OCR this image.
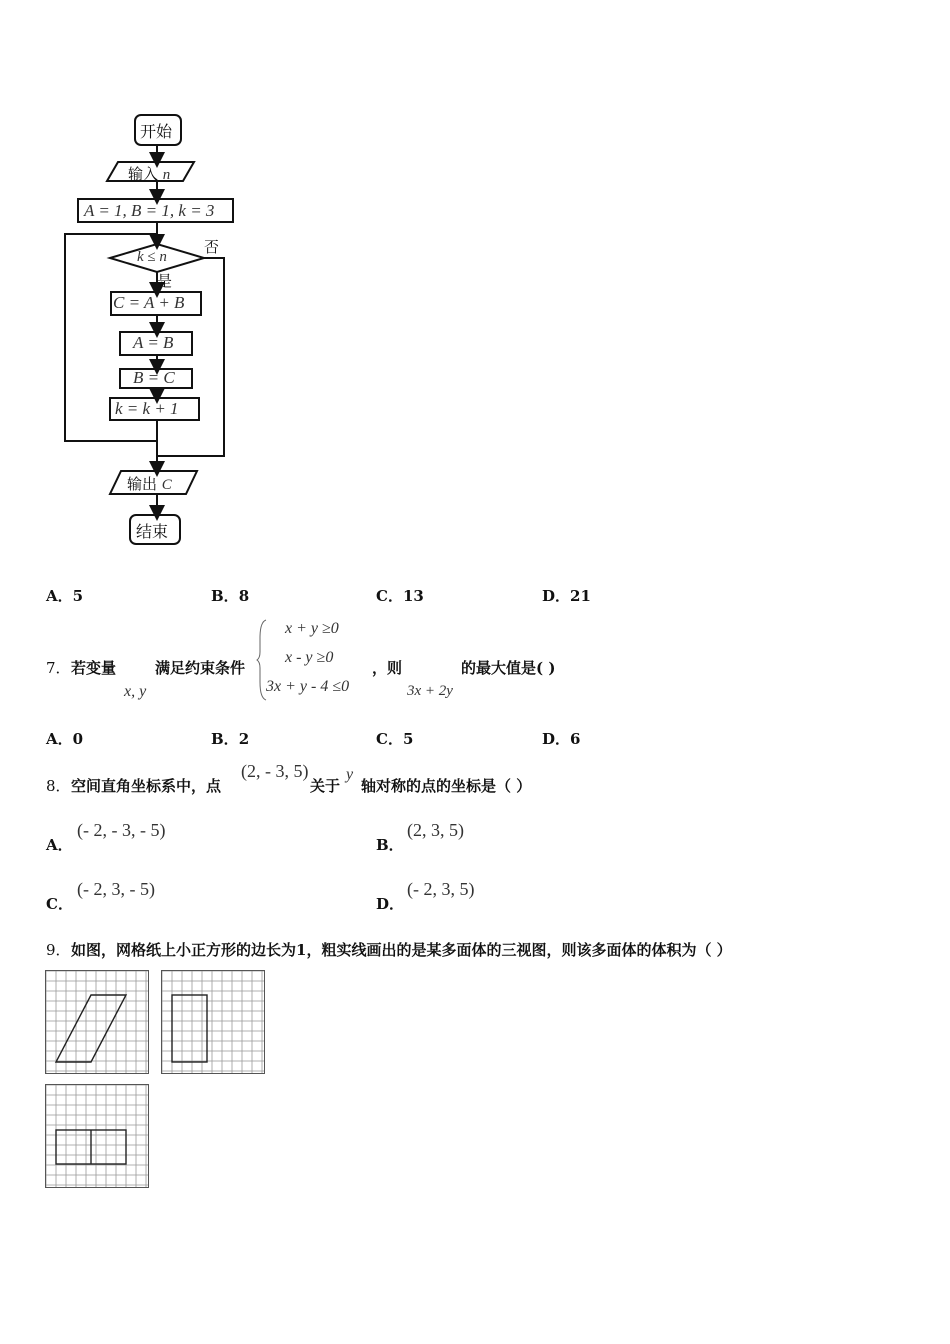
开始
输入 n
A = 1, B = 1, k = 3
k ≤ n
否
是
C = A + B
A = B
B = C
k = k + 1
输出 C
结束
A．5	B．8	C．13	D．21
7． 若变量
x, y
满足约束条件
x + y ≥0
x - y ≥0
3x + y - 4 ≤0
，则
3x + 2y
的最大值是( )
A．0	B．2	C．5	D．6
8． 空间直角坐标系中，点
(2, - 3, 5)
关于
y
轴对称的点的坐标是（ ）
A．
(- 2, - 3, - 5)
B．
(2, 3, 5)
C．
(- 2, 3, - 5)
D．
(- 2, 3, 5)
9． 如图，网格纸上小正方形的边长为1，粗实线画出的是某多面体的三视图，则该多面体的体积为（ ）
